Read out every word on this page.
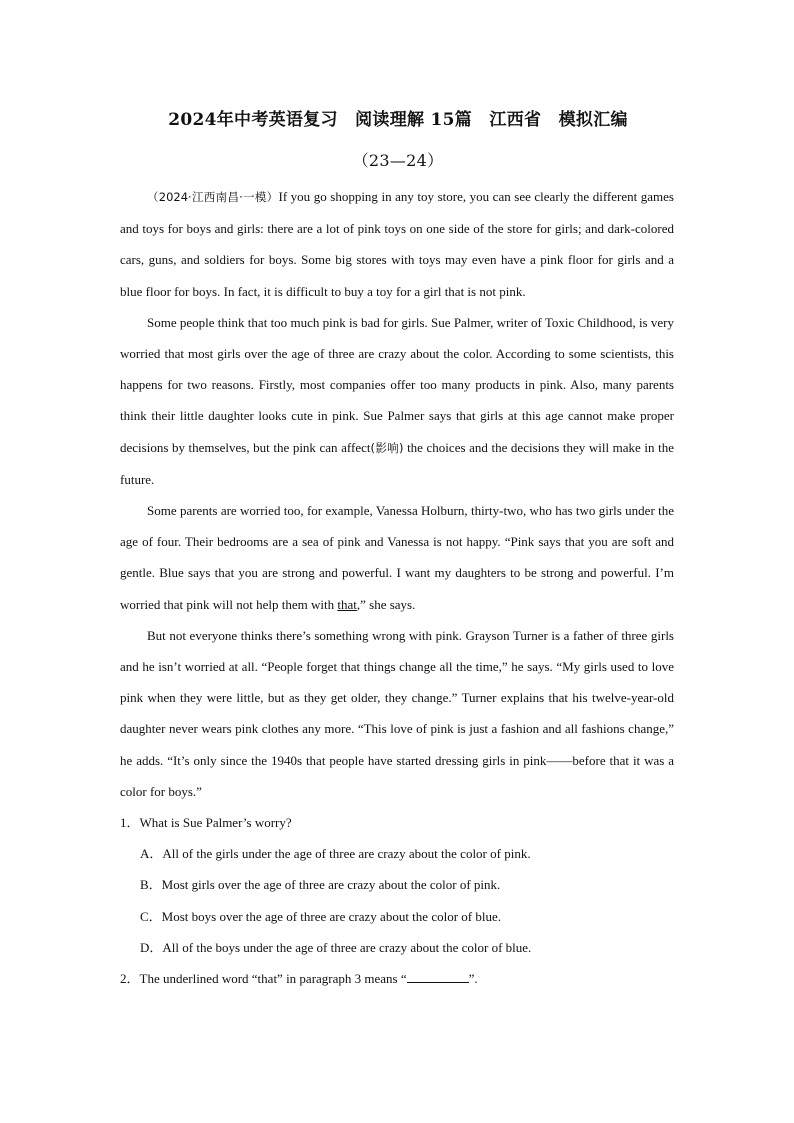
2024年中考英语复习　阅读理解 15篇　江西省　模拟汇编
（23—24）

（2024·江西南昌·一模）If you go shopping in any toy store, you can see clearly the different games and toys for boys and girls: there are a lot of pink toys on one side of the store for girls; and dark-colored cars, guns, and soldiers for boys. Some big stores with toys may even have a pink floor for girls and a blue floor for boys. In fact, it is difficult to buy a toy for a girl that is not pink.

Some people think that too much pink is bad for girls. Sue Palmer, writer of Toxic Childhood, is very worried that most girls over the age of three are crazy about the color. According to some scientists, this happens for two reasons. Firstly, most companies offer too many products in pink. Also, many parents think their little daughter looks cute in pink. Sue Palmer says that girls at this age cannot make proper decisions by themselves, but the pink can affect(影响) the choices and the decisions they will make in the future.

Some parents are worried too, for example, Vanessa Holburn, thirty-two, who has two girls under the age of four. Their bedrooms are a sea of pink and Vanessa is not happy. “Pink says that you are soft and gentle. Blue says that you are strong and powerful. I want my daughters to be strong and powerful. I’m worried that pink will not help them with that,” she says.

But not everyone thinks there’s something wrong with pink. Grayson Turner is a father of three girls and he isn’t worried at all. “People forget that things change all the time,” he says. “My girls used to love pink when they were little, but as they get older, they change.” Turner explains that his twelve-year-old daughter never wears pink clothes any more. “This love of pink is just a fashion and all fashions change,” he adds. “It’s only since the 1940s that people have started dressing girls in pink——before that it was a color for boys.”

1．What is Sue Palmer’s worry?

A．All of the girls under the age of three are crazy about the color of pink.

B．Most girls over the age of three are crazy about the color of pink.

C．Most boys over the age of three are crazy about the color of blue.

D．All of the boys under the age of three are crazy about the color of blue.

2．The underlined word “that” in paragraph 3 means “	”.
